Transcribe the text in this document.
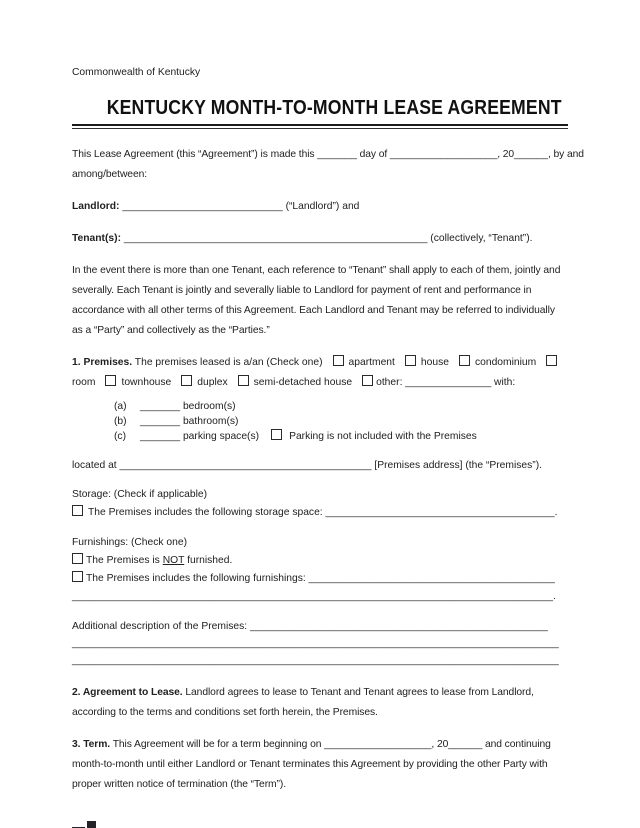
Commonwealth of Kentucky
KENTUCKY MONTH-TO-MONTH LEASE AGREEMENT

This Lease Agreement (this “Agreement”) is made this _______ day of ___________________, 20______, by and
among/between:

Landlord: ____________________________ (“Landlord”) and
Tenant(s): _____________________________________________________ (collectively, “Tenant”).

In the event there is more than one Tenant, each reference to “Tenant” shall apply to each of them, jointly and severally. Each Tenant is jointly and severally liable to Landlord for payment of rent and performance in accordance with all other terms of this Agreement. Each Landlord and Tenant may be referred to individually as a “Party” and collectively as the “Parties.”

1. Premises. The premises leased is a/an (Check one)	apartment	house	condominium
room	townhouse	duplex	semi-detached house other: _______________ with:
(a) _______ bedroom(s)
(b) _______ bathroom(s)
(c) _______ parking space(s)	Parking is not included with the Premises
located at ____________________________________________ [Premises address] (the “Premises”).
Storage: (Check if applicable)
The Premises includes the following storage space: ________________________________________.
Furnishings: (Check one)
The Premises is NOT furnished.
The Premises includes the following furnishings: ___________________________________________
____________________________________________________________________________________.
Additional description of the Premises: ____________________________________________________
_____________________________________________________________________________________
_____________________________________________________________________________________

2. Agreement to Lease. Landlord agrees to lease to Tenant and Tenant agrees to lease from Landlord, according to the terms and conditions set forth herein, the Premises.

3. Term. This Agreement will be for a term beginning on ___________________, 20______ and continuing month-to-month until either Landlord or Tenant terminates this Agreement by providing the other Party with proper written notice of termination (the “Term”).
